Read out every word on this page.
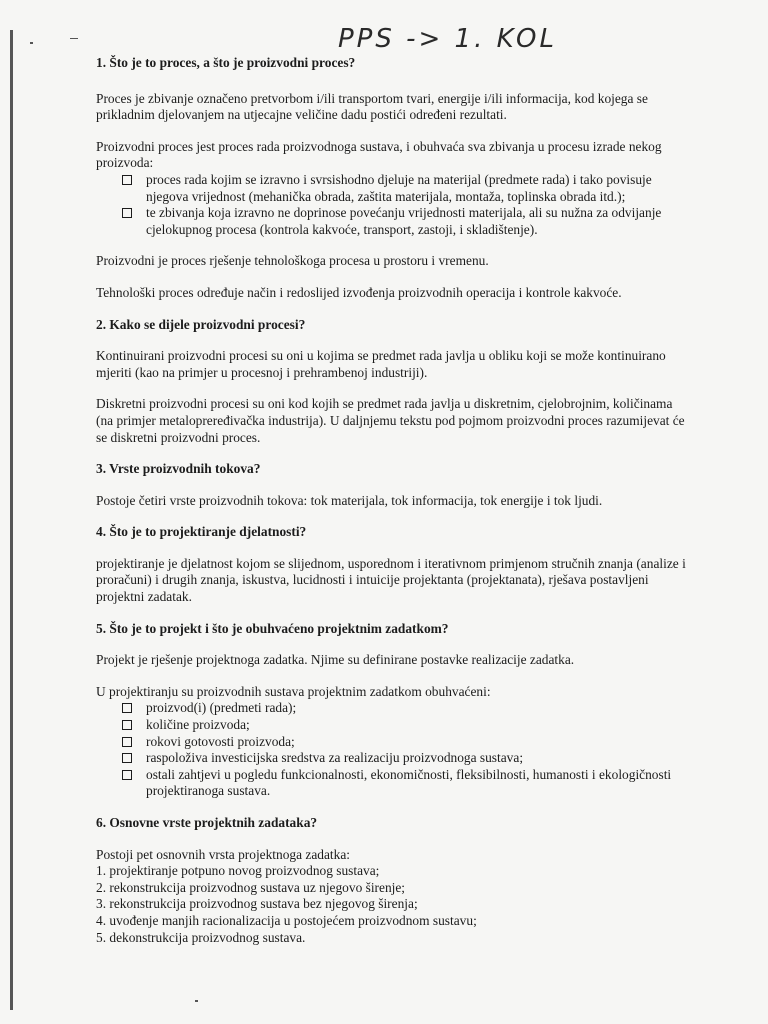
PPS -> 1. KOL

1. Što je to proces, a što je proizvodni proces?

Proces je zbivanje označeno pretvorbom i/ili transportom tvari, energije i/ili informacija, kod kojega se prikladnim djelovanjem na utjecajne veličine dadu postići određeni rezultati.

Proizvodni proces jest proces rada proizvodnoga sustava, i obuhvaća sva zbivanja u procesu izrade nekog proizvoda:

proces rada kojim se izravno i svrsishodno djeluje na materijal (predmete rada) i tako povisuje njegova vrijednost (mehanička obrada, zaštita materijala, montaža, toplinska obrada itd.);
te zbivanja koja izravno ne doprinose povećanju vrijednosti materijala, ali su nužna za odvijanje cjelokupnog procesa (kontrola kakvoće, transport, zastoji, i skladištenje).

Proizvodni je proces rješenje tehnološkoga procesa u prostoru i vremenu.

Tehnološki proces određuje način i redoslijed izvođenja proizvodnih operacija i kontrole kakvoće.

2. Kako se dijele proizvodni procesi?

Kontinuirani proizvodni procesi su oni u kojima se predmet rada javlja u obliku koji se može kontinuirano mjeriti (kao na primjer u procesnoj i prehrambenoj industriji).

Diskretni proizvodni procesi su oni kod kojih se predmet rada javlja u diskretnim, cjelobrojnim, količinama (na primjer metalopreređivačka industrija). U daljnjemu tekstu pod pojmom proizvodni proces razumijevat će se diskretni proizvodni proces.

3. Vrste proizvodnih tokova?

Postoje četiri vrste proizvodnih tokova: tok materijala, tok informacija, tok energije i tok ljudi.

4. Što je to projektiranje djelatnosti?

projektiranje je djelatnost kojom se slijednom, usporednom i iterativnom primjenom stručnih znanja (analize i proračuni) i drugih znanja, iskustva, lucidnosti i intuicije projektanta (projektanata), rješava postavljeni projektni zadatak.

5. Što je to projekt i što je obuhvaćeno projektnim zadatkom?

Projekt je rješenje projektnoga zadatka. Njime su definirane postavke realizacije zadatka.

U projektiranju su proizvodnih sustava projektnim zadatkom obuhvaćeni:

proizvod(i) (predmeti rada);
količine proizvoda;
rokovi gotovosti proizvoda;
raspoloživa investicijska sredstva za realizaciju proizvodnoga sustava;
ostali zahtjevi u pogledu funkcionalnosti, ekonomičnosti, fleksibilnosti, humanosti i ekologičnosti projektiranoga sustava.

6. Osnovne vrste projektnih zadataka?

Postoji pet osnovnih vrsta projektnoga zadatka:

1. projektiranje potpuno novog proizvodnog sustava;
2. rekonstrukcija proizvodnog sustava uz njegovo širenje;
3. rekonstrukcija proizvodnog sustava bez njegovog širenja;
4. uvođenje manjih racionalizacija u postojećem proizvodnom sustavu;
5. dekonstrukcija proizvodnog sustava.
